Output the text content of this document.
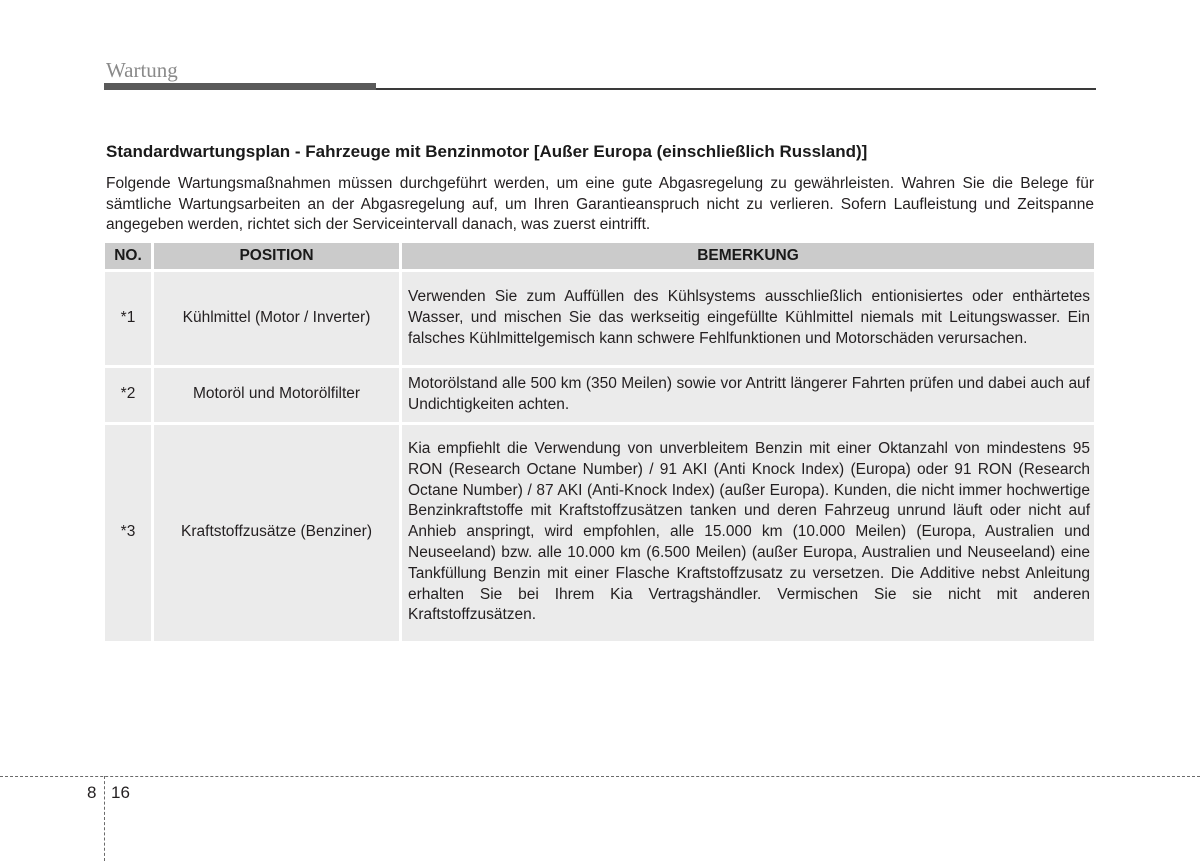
Wartung
Standardwartungsplan - Fahrzeuge mit Benzinmotor [Außer Europa (einschließlich Russland)]

Folgende Wartungsmaßnahmen müssen durchgeführt werden, um eine gute Abgasregelung zu gewährleisten. Wahren Sie die Belege für sämtliche Wartungsarbeiten an der Abgasregelung auf, um Ihren Garantieanspruch nicht zu verlieren. Sofern Laufleistung und Zeitspanne angegeben werden, richtet sich der Serviceintervall danach, was zuerst eintrifft.

NO.	POSITION	BEMERKUNG
*1	Kühlmittel (Motor / Inverter)	Verwenden Sie zum Auffüllen des Kühlsystems ausschließlich entionisiertes oder enthärtetes Wasser, und mischen Sie das werkseitig eingefüllte Kühlmittel niemals mit Leitungswasser. Ein falsches Kühlmittelgemisch kann schwere Fehlfunktionen und Motorschäden verursachen.
*2	Motoröl und Motorölfilter	Motorölstand alle 500 km (350 Meilen) sowie vor Antritt längerer Fahrten prüfen und dabei auch auf Undichtigkeiten achten.
*3	Kraftstoffzusätze (Benziner)	Kia empfiehlt die Verwendung von unverbleitem Benzin mit einer Oktanzahl von mindestens 95 RON (Research Octane Number) / 91 AKI (Anti Knock Index) (Europa) oder 91 RON (Research Octane Number) / 87 AKI (Anti-Knock Index) (außer Europa). Kunden, die nicht immer hochwertige Benzinkraftstoffe mit Kraftstoffzusätzen tanken und deren Fahrzeug unrund läuft oder nicht auf Anhieb anspringt, wird empfohlen, alle 15.000 km (10.000 Meilen) (Europa, Australien und Neuseeland) bzw. alle 10.000 km (6.500 Meilen) (außer Europa, Australien und Neuseeland) eine Tankfüllung Benzin mit einer Flasche Kraftstoffzusatz zu versetzen. Die Additive nebst Anleitung erhalten Sie bei Ihrem Kia Vertragshändler. Vermischen Sie sie nicht mit anderen Kraftstoffzusätzen.
8 16
